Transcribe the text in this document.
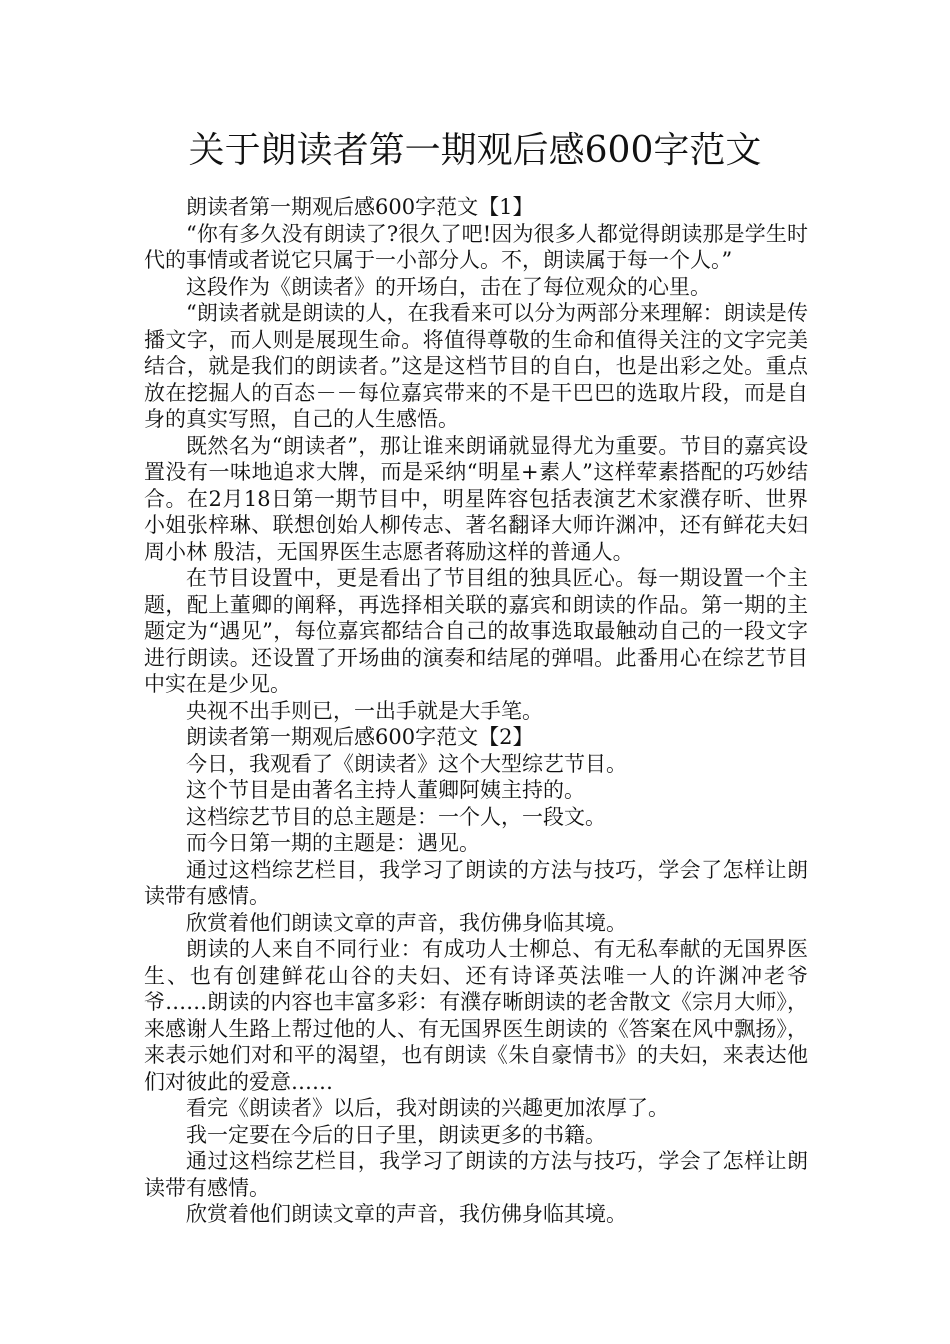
关于朗读者第一期观后感600字范文

朗读者第一期观后感600字范文【1】

“你有多久没有朗读了?很久了吧!因为很多人都觉得朗读那是学生时代的事情或者说它只属于一小部分人。不，朗读属于每一个人。”

这段作为《朗读者》的开场白，击在了每位观众的心里。

“朗读者就是朗读的人，在我看来可以分为两部分来理解：朗读是传播文字，而人则是展现生命。将值得尊敬的生命和值得关注的文字完美结合，就是我们的朗读者。”这是这档节目的自白，也是出彩之处。重点放在挖掘人的百态－－每位嘉宾带来的不是干巴巴的选取片段，而是自身的真实写照，自己的人生感悟。

既然名为“朗读者”，那让谁来朗诵就显得尤为重要。节目的嘉宾设置没有一味地追求大牌，而是采纳“明星+素人”这样荤素搭配的巧妙结合。在2月18日第一期节目中，明星阵容包括表演艺术家濮存昕、世界小姐张梓琳、联想创始人柳传志、著名翻译大师许渊冲，还有鲜花夫妇周小林 殷洁，无国界医生志愿者蒋励这样的普通人。

在节目设置中，更是看出了节目组的独具匠心。每一期设置一个主题，配上董卿的阐释，再选择相关联的嘉宾和朗读的作品。第一期的主题定为“遇见”，每位嘉宾都结合自己的故事选取最触动自己的一段文字进行朗读。还设置了开场曲的演奏和结尾的弹唱。此番用心在综艺节目中实在是少见。

央视不出手则已，一出手就是大手笔。

朗读者第一期观后感600字范文【2】

今日，我观看了《朗读者》这个大型综艺节目。

这个节目是由著名主持人董卿阿姨主持的。

这档综艺节目的总主题是：一个人，一段文。

而今日第一期的主题是：遇见。

通过这档综艺栏目，我学习了朗读的方法与技巧，学会了怎样让朗读带有感情。

欣赏着他们朗读文章的声音，我仿佛身临其境。

朗读的人来自不同行业：有成功人士柳总、有无私奉献的无国界医生、也有创建鲜花山谷的夫妇、还有诗译英法唯一人的许渊冲老爷爷……朗读的内容也丰富多彩：有濮存晰朗读的老舍散文《宗月大师》，来感谢人生路上帮过他的人、有无国界医生朗读的《答案在风中飘扬》，来表示她们对和平的渴望，也有朗读《朱自豪情书》的夫妇，来表达他们对彼此的爱意……

看完《朗读者》以后，我对朗读的兴趣更加浓厚了。

我一定要在今后的日子里，朗读更多的书籍。

通过这档综艺栏目，我学习了朗读的方法与技巧，学会了怎样让朗读带有感情。

欣赏着他们朗读文章的声音，我仿佛身临其境。
